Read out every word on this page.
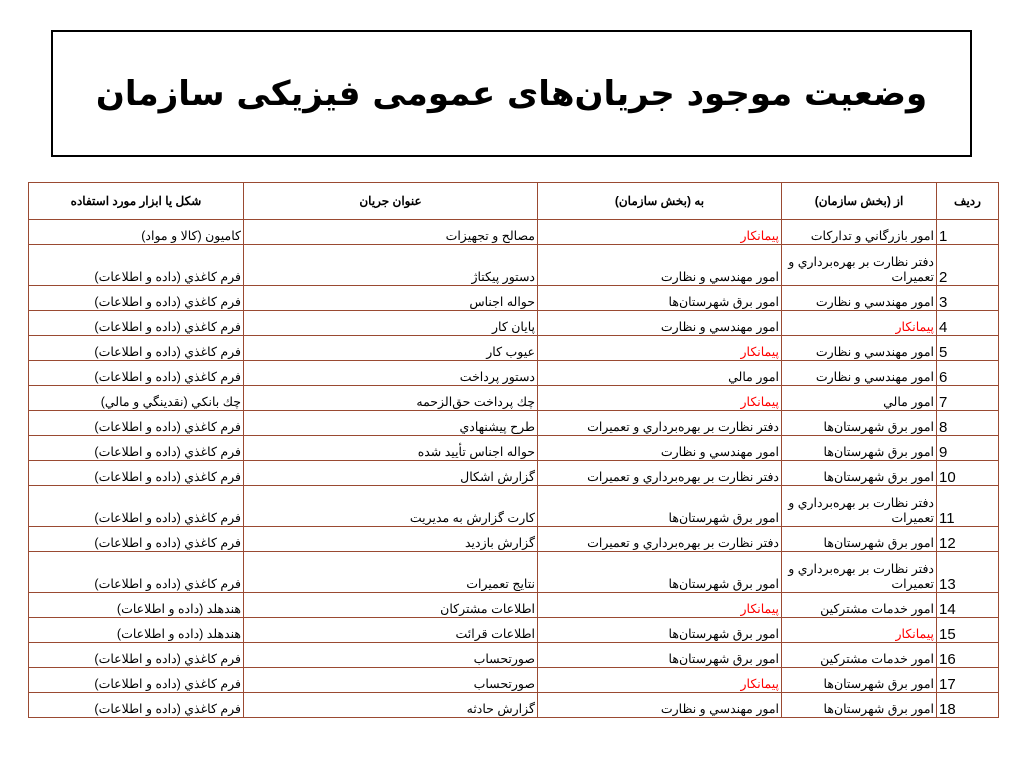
وضعیت موجود جریان‌های عمومی فیزیکی سازمان
رديف	از (بخش سازمان)	به (بخش سازمان)	عنوان جريان	شكل يا ابزار مورد استفاده
1	امور بازرگاني و تداركات	پيمانكار	مصالح و تجهيزات	كاميون (كالا و مواد)
2	دفتر نظارت بر بهره‌برداري و تعميرات	امور مهندسي و نظارت	دستور پيكتاژ	فرم كاغذي (داده و اطلاعات)
3	امور مهندسي و نظارت	امور برق شهرستان‌ها	حواله اجناس	فرم كاغذي (داده و اطلاعات)
4	پيمانكار	امور مهندسي و نظارت	پايان كار	فرم كاغذي (داده و اطلاعات)
5	امور مهندسي و نظارت	پيمانكار	عيوب كار	فرم كاغذي (داده و اطلاعات)
6	امور مهندسي و نظارت	امور مالي	دستور پرداخت	فرم كاغذي (داده و اطلاعات)
7	امور مالي	پيمانكار	چك پرداخت حق‌الزحمه	چك بانكي (نقدينگي و مالي)
8	امور برق شهرستان‌ها	دفتر نظارت بر بهره‌برداري و تعميرات	طرح پيشنهادي	فرم كاغذي (داده و اطلاعات)
9	امور برق شهرستان‌ها	امور مهندسي و نظارت	حواله اجناس تأييد شده	فرم كاغذي (داده و اطلاعات)
10	امور برق شهرستان‌ها	دفتر نظارت بر بهره‌برداري و تعميرات	گزارش اشكال	فرم كاغذي (داده و اطلاعات)
11	دفتر نظارت بر بهره‌برداري و تعميرات	امور برق شهرستان‌ها	كارت گزارش به مديريت	فرم كاغذي (داده و اطلاعات)
12	امور برق شهرستان‌ها	دفتر نظارت بر بهره‌برداري و تعميرات	گزارش بازديد	فرم كاغذي (داده و اطلاعات)
13	دفتر نظارت بر بهره‌برداري و تعميرات	امور برق شهرستان‌ها	نتايج تعميرات	فرم كاغذي (داده و اطلاعات)
14	امور خدمات مشتركين	پيمانكار	اطلاعات مشتركان	هندهلد (داده و اطلاعات)
15	پيمانكار	امور برق شهرستان‌ها	اطلاعات قرائت	هندهلد (داده و اطلاعات)
16	امور خدمات مشتركين	امور برق شهرستان‌ها	صورتحساب	فرم كاغذي (داده و اطلاعات)
17	امور برق شهرستان‌ها	پيمانكار	صورتحساب	فرم كاغذي (داده و اطلاعات)
18	امور برق شهرستان‌ها	امور مهندسي و نظارت	گزارش حادثه	فرم كاغذي (داده و اطلاعات)
